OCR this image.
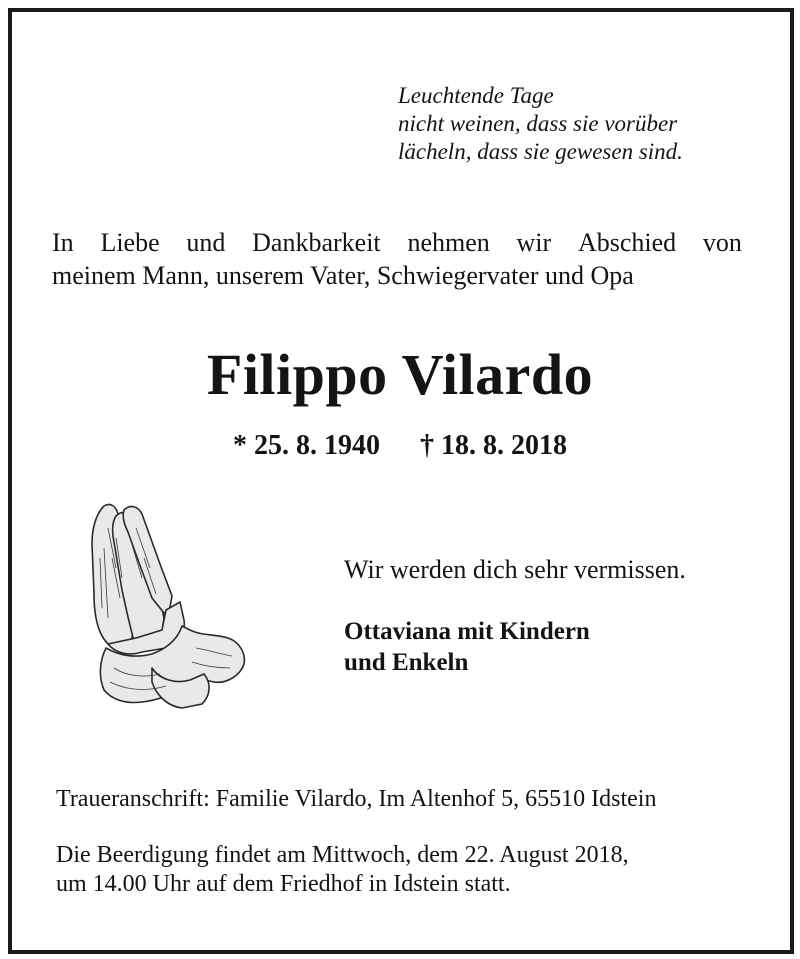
Leuchtende Tage
nicht weinen, dass sie vorüber
lächeln, dass sie gewesen sind.
In Liebe und Dankbarkeit nehmen wir Abschied von
meinem Mann, unserem Vater, Schwiegervater und Opa
Filippo Vilardo
* 25. 8. 1940 † 18. 8. 2018
Wir werden dich sehr vermissen.
Ottaviana mit Kindern
und Enkeln
Traueranschrift: Familie Vilardo, Im Altenhof 5, 65510 Idstein
Die Beerdigung findet am Mittwoch, dem 22. August 2018,
um 14.00 Uhr auf dem Friedhof in Idstein statt.
